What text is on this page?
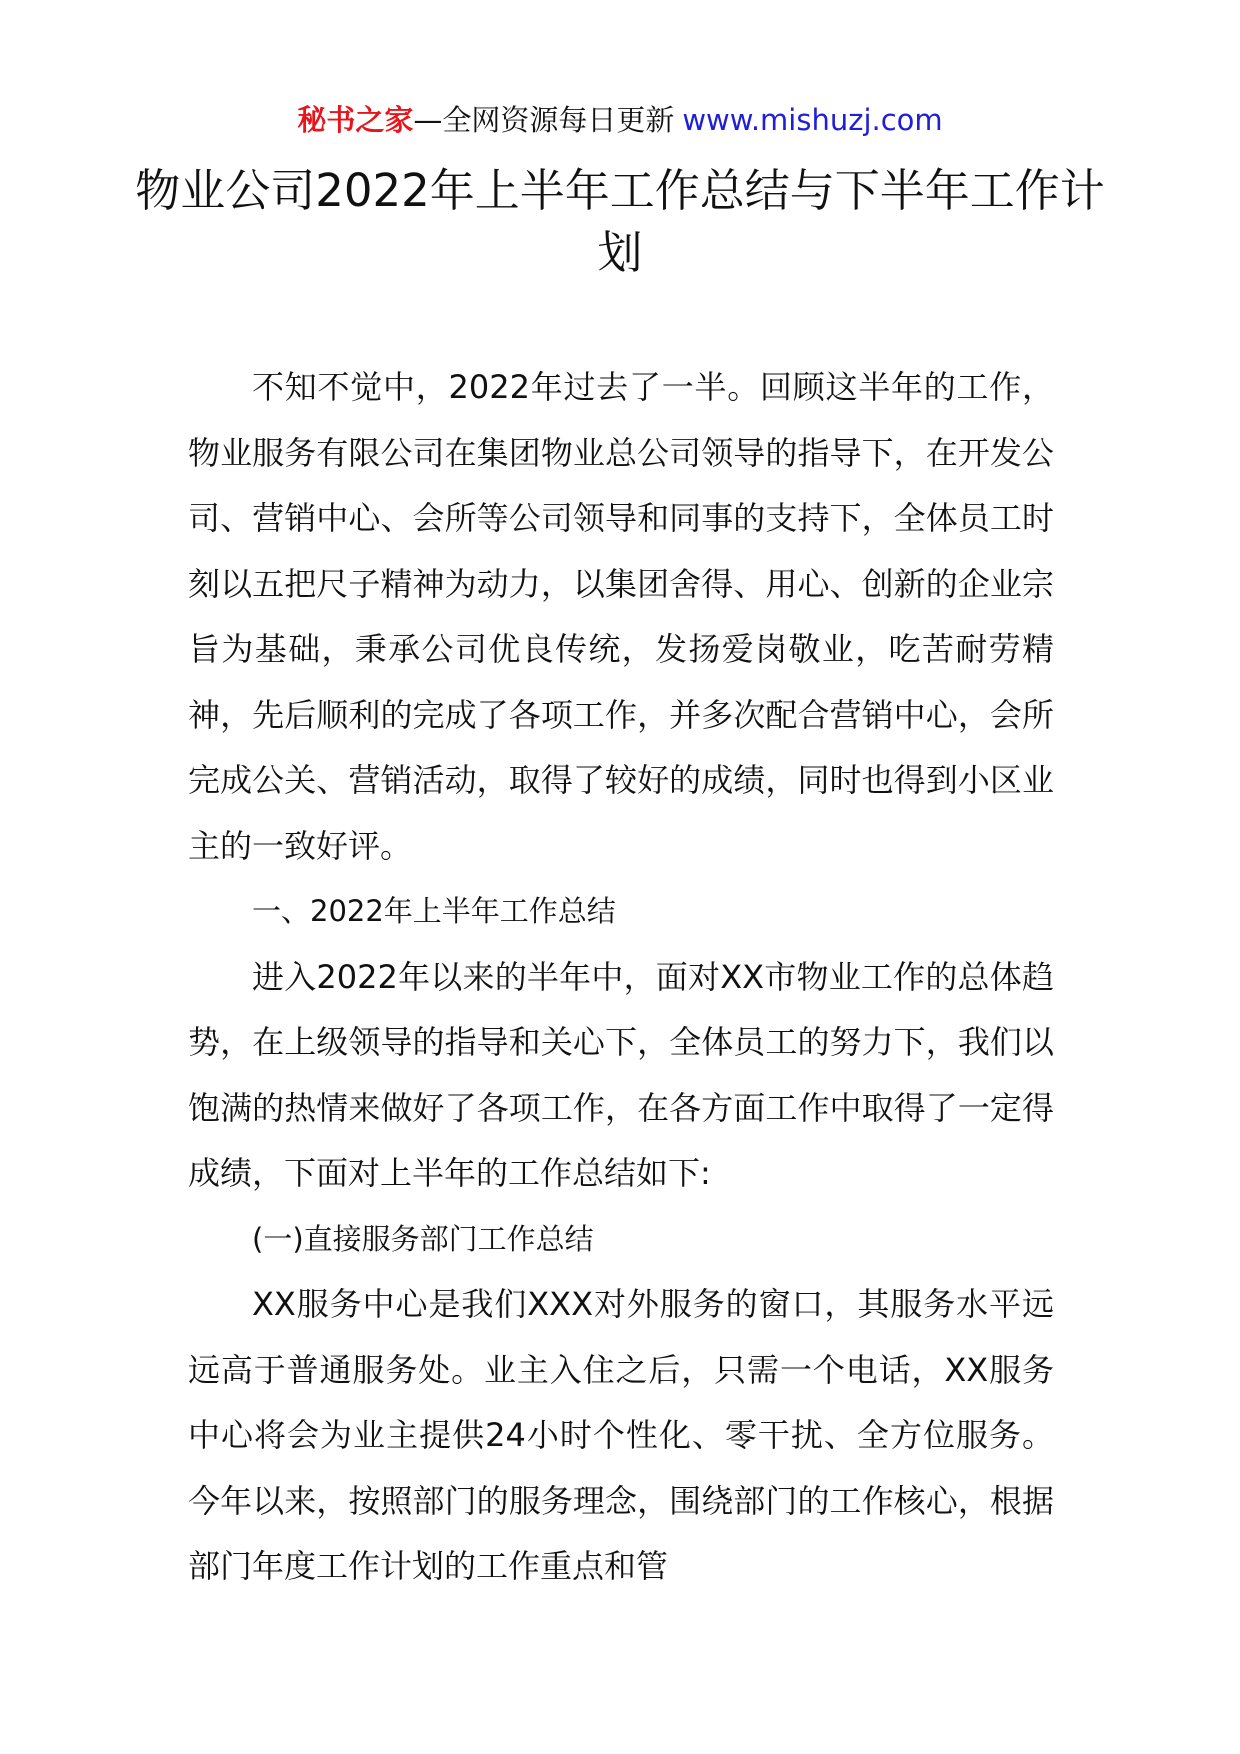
秘书之家—全网资源每日更新 www.mishuzj.com
物业公司2022年上半年工作总结与下半年工作计划

不知不觉中，2022年过去了一半。回顾这半年的工作，物业服务有限公司在集团物业总公司领导的指导下，在开发公司、营销中心、会所等公司领导和同事的支持下，全体员工时刻以五把尺子精神为动力，以集团舍得、用心、创新的企业宗旨为基础，秉承公司优良传统，发扬爱岗敬业，吃苦耐劳精神，先后顺利的完成了各项工作，并多次配合营销中心，会所完成公关、营销活动，取得了较好的成绩，同时也得到小区业主的一致好评。

一、2022年上半年工作总结

进入2022年以来的半年中，面对XX市物业工作的总体趋势，在上级领导的指导和关心下，全体员工的努力下，我们以饱满的热情来做好了各项工作，在各方面工作中取得了一定得成绩，下面对上半年的工作总结如下:

(一)直接服务部门工作总结

XX服务中心是我们XXX对外服务的窗口，其服务水平远远高于普通服务处。业主入住之后，只需一个电话，XX服务中心将会为业主提供24小时个性化、零干扰、全方位服务。今年以来，按照部门的服务理念，围绕部门的工作核心，根据部门年度工作计划的工作重点和管
